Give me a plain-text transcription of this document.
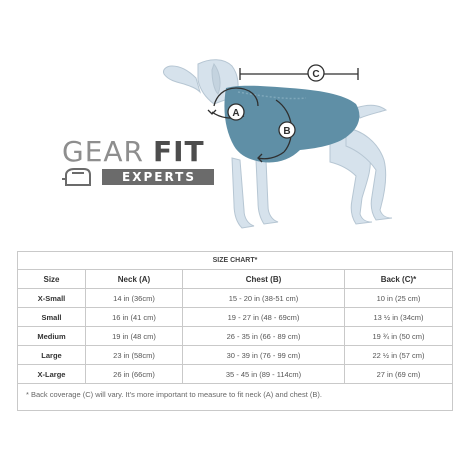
C
A
B
GEAR FIT
EXPERTS
SIZE CHART*			
Size	Neck (A)	Chest (B)	Back (C)*
X-Small	14 in (36cm)	15 - 20 in (38-51 cm)	10 in (25 cm)
Small	16 in (41 cm)	19 - 27 in (48 - 69cm)	13 ½ in (34cm)
Medium	19 in (48 cm)	26 - 35 in (66 - 89 cm)	19 ¾ in (50 cm)
Large	23 in (58cm)	30 - 39 in (76 - 99 cm)	22 ½ in (57 cm)
X-Large	26 in (66cm)	35 - 45 in (89 - 114cm)	27 in (69 cm)
* Back coverage (C) will vary. It's more important to measure to fit neck (A) and chest (B).
